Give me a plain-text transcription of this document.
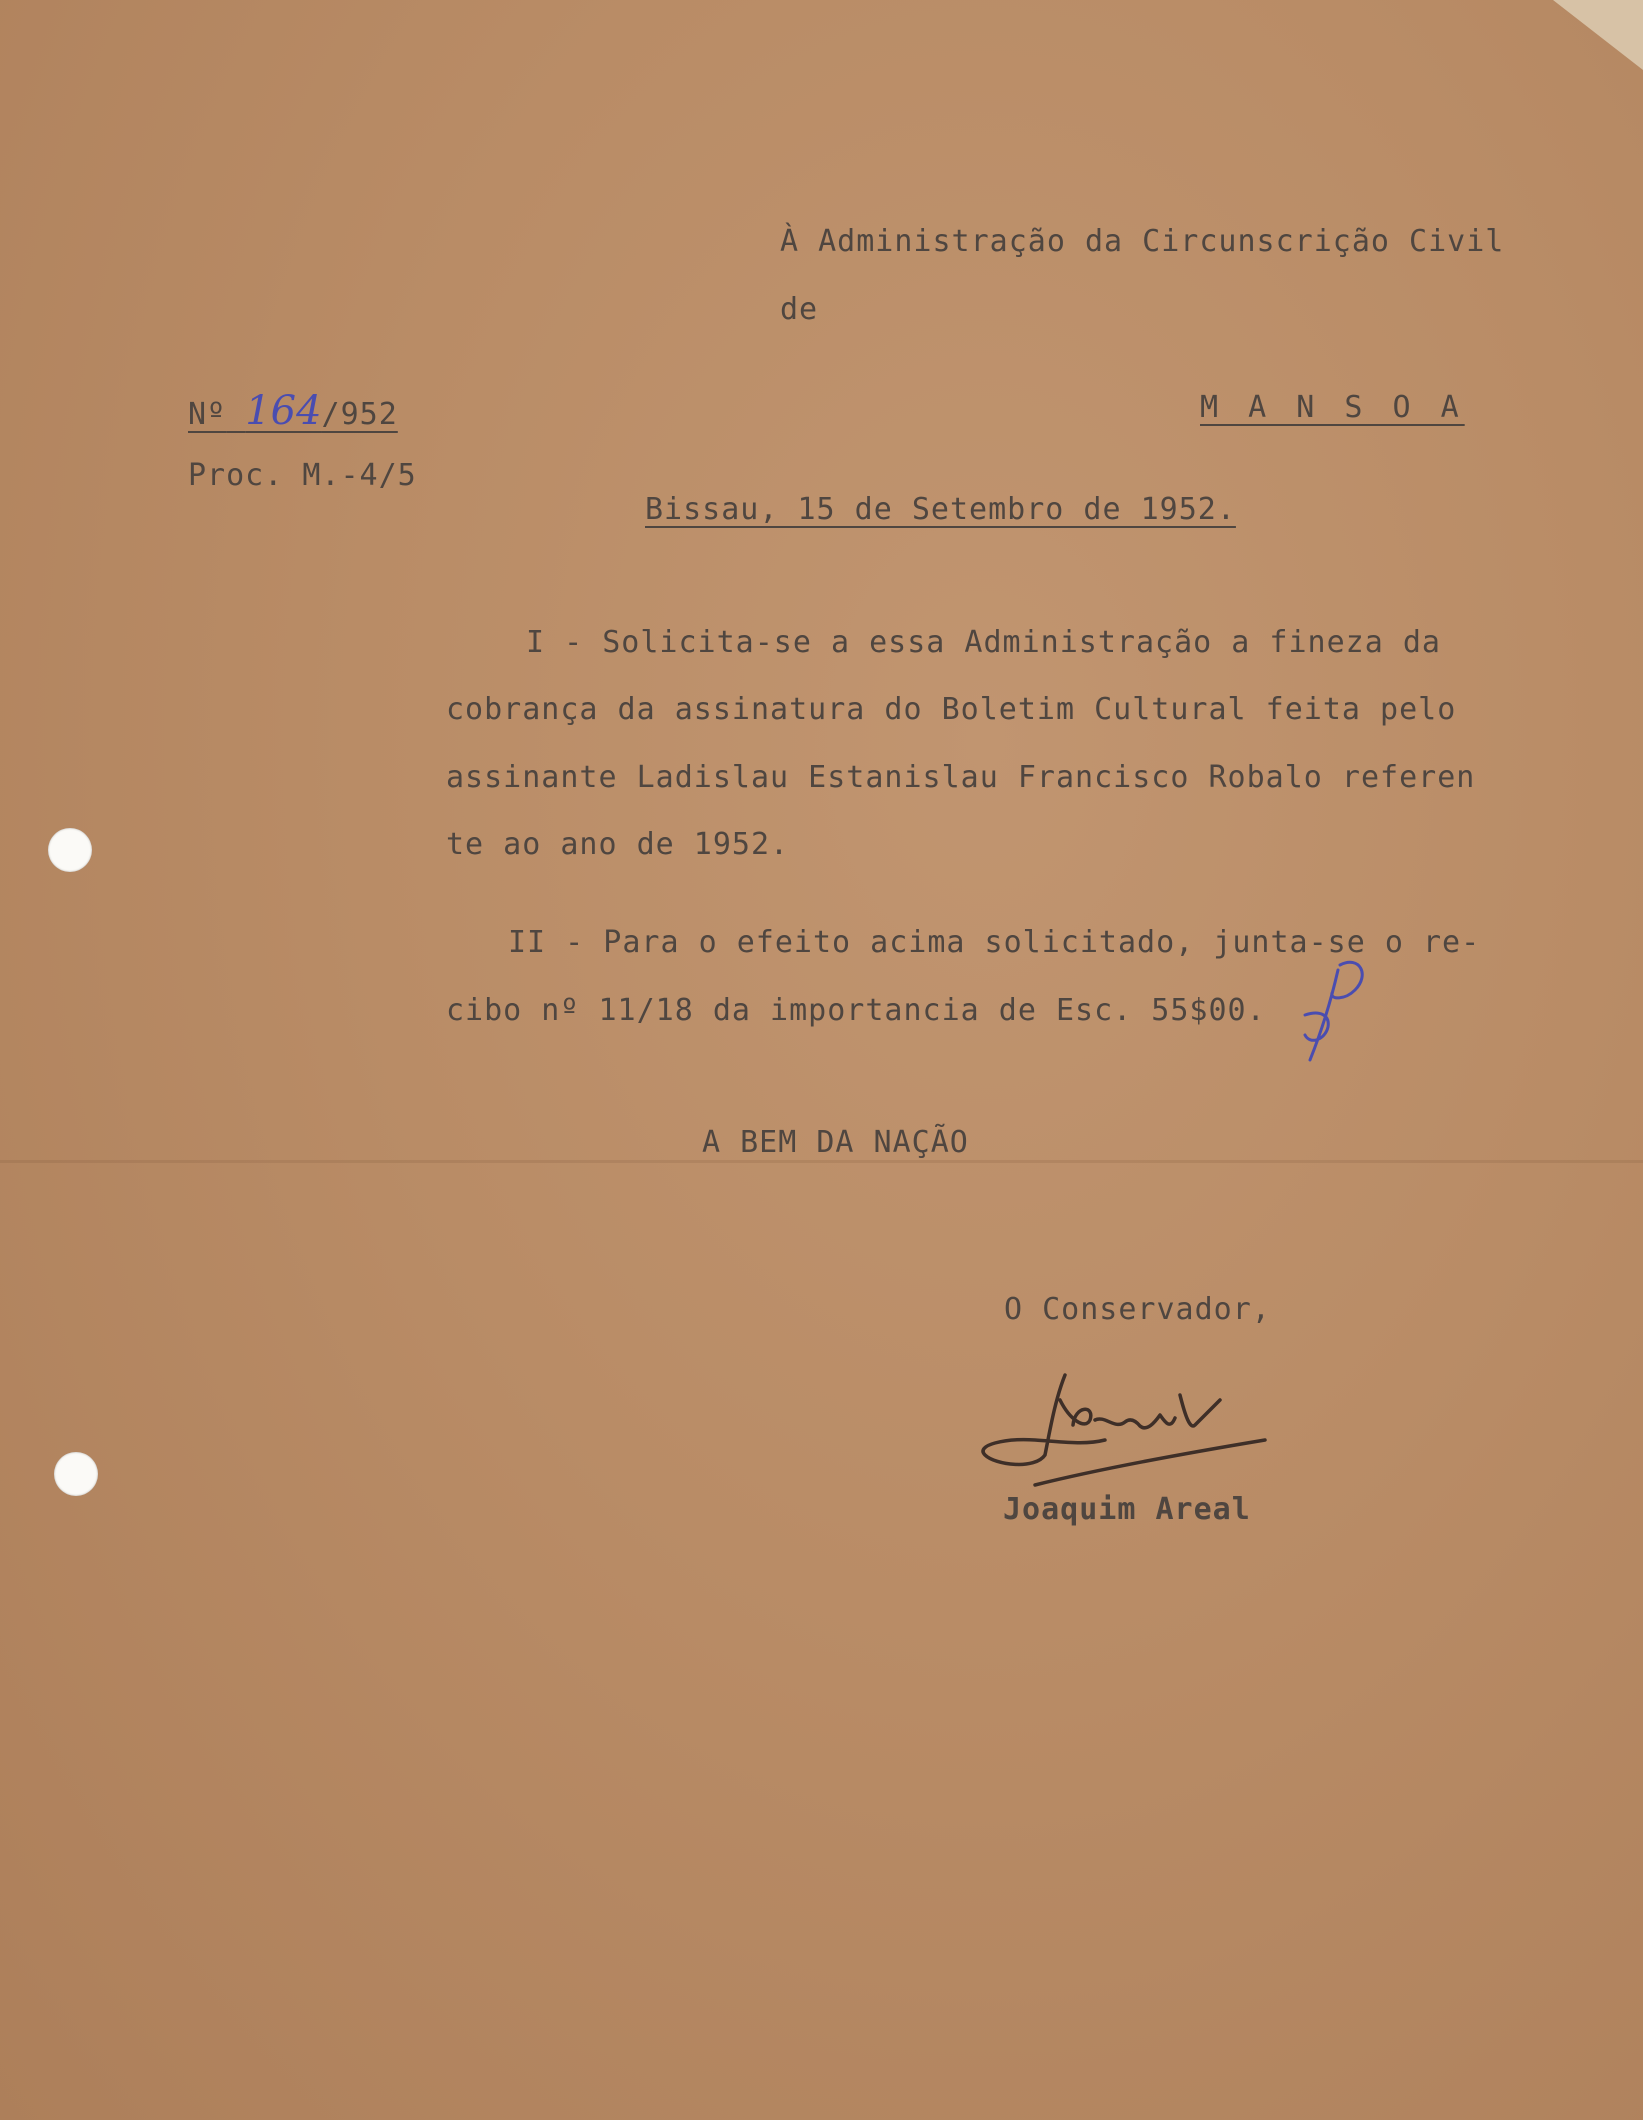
À Administração da Circunscrição Civil
de
Nº 164/952	M A N S O A
Proc. M.-4/5
Bissau, 15 de Setembro de 1952.
I - Solicita-se a essa Administração a fineza da
cobrança da assinatura do Boletim Cultural feita pelo
assinante Ladislau Estanislau Francisco Robalo referen
te ao ano de 1952.
II - Para o efeito acima solicitado, junta-se o re-
cibo nº 11/18 da importancia de Esc. 55$00.
A BEM DA NAÇÃO
O Conservador,
Joaquim Areal
